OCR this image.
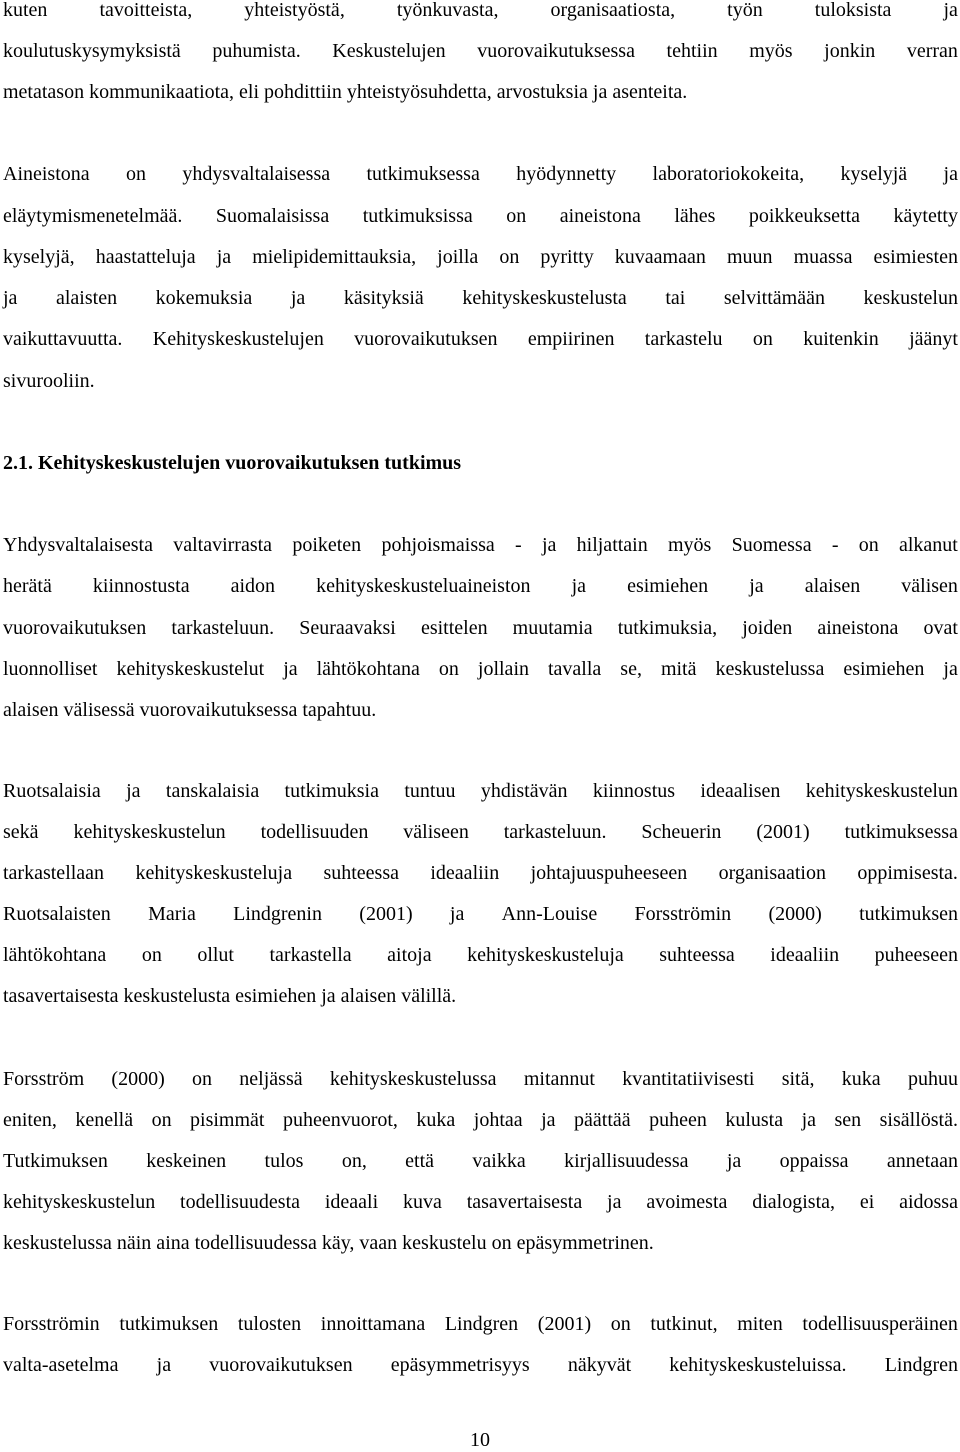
kuten	tavoitteista,	yhteistyöstä,	työnkuvasta,	organisaatiosta,	työn	tuloksista	ja
koulutuskysymyksistä puhumista. Keskustelujen vuorovaikutuksessa tehtiin myös jonkin verran
metatason kommunikaatiota, eli pohdittiin yhteistyösuhdetta, arvostuksia ja asenteita.
Aineistona on yhdysvaltalaisessa tutkimuksessa hyödynnetty laboratoriokokeita, kyselyjä ja
eläytymismenetelmää. Suomalaisissa tutkimuksissa on aineistona lähes poikkeuksetta käytetty
kyselyjä, haastatteluja ja mielipidemittauksia, joilla on pyritty kuvaamaan muun muassa esimiesten
ja alaisten kokemuksia ja käsityksiä kehityskeskustelusta tai selvittämään keskustelun
vaikuttavuutta. Kehityskeskustelujen vuorovaikutuksen empiirinen tarkastelu on kuitenkin jäänyt
sivurooliin.
2.1. Kehityskeskustelujen vuorovaikutuksen tutkimus
Yhdysvaltalaisesta valtavirrasta poiketen pohjoismaissa - ja hiljattain myös Suomessa - on alkanut
herätä kiinnostusta aidon kehityskeskusteluaineiston ja esimiehen ja alaisen välisen
vuorovaikutuksen tarkasteluun. Seuraavaksi esittelen muutamia tutkimuksia, joiden aineistona ovat
luonnolliset kehityskeskustelut ja lähtökohtana on jollain tavalla se, mitä keskustelussa esimiehen ja
alaisen välisessä vuorovaikutuksessa tapahtuu.
Ruotsalaisia ja tanskalaisia tutkimuksia tuntuu yhdistävän kiinnostus ideaalisen kehityskeskustelun
sekä kehityskeskustelun todellisuuden väliseen tarkasteluun. Scheuerin (2001) tutkimuksessa
tarkastellaan kehityskeskusteluja suhteessa ideaaliin johtajuuspuheeseen organisaation oppimisesta.
Ruotsalaisten Maria Lindgrenin (2001) ja Ann-Louise Forsströmin (2000) tutkimuksen
lähtökohtana on ollut tarkastella aitoja kehityskeskusteluja suhteessa ideaaliin puheeseen
tasavertaisesta keskustelusta esimiehen ja alaisen välillä.
Forsström (2000) on neljässä kehityskeskustelussa mitannut kvantitatiivisesti sitä, kuka puhuu
eniten, kenellä on pisimmät puheenvuorot, kuka johtaa ja päättää puheen kulusta ja sen sisällöstä.
Tutkimuksen keskeinen tulos on, että vaikka kirjallisuudessa ja oppaissa annetaan
kehityskeskustelun todellisuudesta ideaali kuva tasavertaisesta ja avoimesta dialogista, ei aidossa
keskustelussa näin aina todellisuudessa käy, vaan keskustelu on epäsymmetrinen.
Forsströmin tutkimuksen tulosten innoittamana Lindgren (2001) on tutkinut, miten todellisuusperäinen
valta-asetelma ja vuorovaikutuksen epäsymmetrisyys näkyvät kehityskeskusteluissa. Lindgren
10
